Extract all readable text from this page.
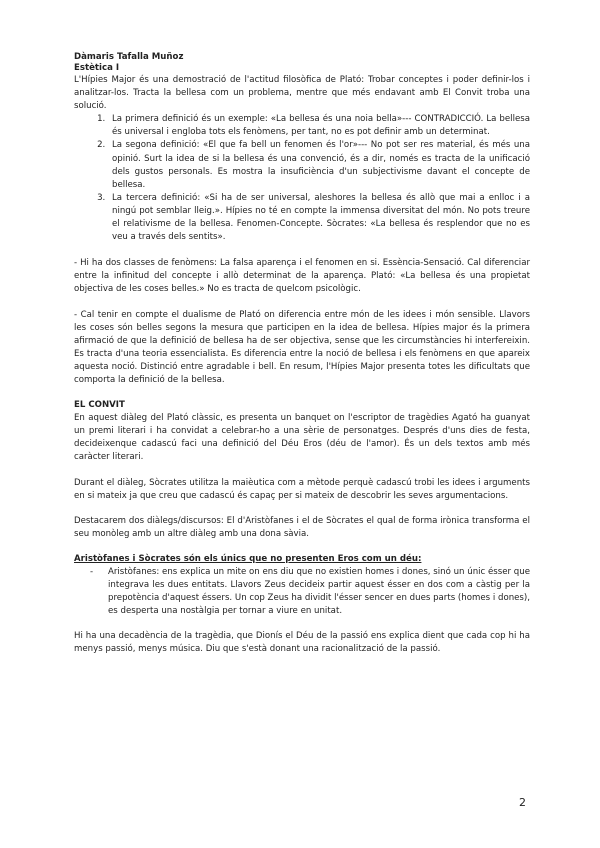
Dàmaris Tafalla Muñoz
Estètica I

L'Hípies Major és una demostració de l'actitud filosòfica de Plató: Trobar conceptes i poder definir-los i analitzar-los. Tracta la bellesa com un problema, mentre que més endavant amb El Convit troba una solució.

1. La primera definició és un exemple: «La bellesa és una noia bella»--- CONTRADICCIÓ. La bellesa és universal i engloba tots els fenòmens, per tant, no es pot definir amb un determinat.
2. La segona definició: «El que fa bell un fenomen és l'or»--- No pot ser res material, és més una opinió. Surt la idea de si la bellesa és una convenció, és a dir, només es tracta de la unificació dels gustos personals. Es mostra la insuficiència d'un subjectivisme davant el concepte de bellesa.
3. La tercera definició: «Si ha de ser universal, aleshores la bellesa és allò que mai a enlloc i a ningú pot semblar lleig.». Hípies no té en compte la immensa diversitat del món. No pots treure el relativisme de la bellesa. Fenomen-Concepte. Sòcrates: «La bellesa és resplendor que no es veu a través dels sentits».

- Hi ha dos classes de fenòmens: La falsa aparença i el fenomen en si. Essència-Sensació. Cal diferenciar entre la infinitud del concepte i allò determinat de la aparença. Plató: «La bellesa és una propietat objectiva de les coses belles.» No es tracta de quelcom psicològic.

- Cal tenir en compte el dualisme de Plató on diferencia entre món de les idees i món sensible. Llavors les coses són belles segons la mesura que participen en la idea de bellesa. Hípies major és la primera afirmació de que la definició de bellesa ha de ser objectiva, sense que les circumstàncies hi interfereixin. Es tracta d'una teoria essencialista. Es diferencia entre la noció de bellesa i els fenòmens en que apareix aquesta noció. Distinció entre agradable i bell. En resum, l'Hípies Major presenta totes les dificultats que comporta la definició de la bellesa.

EL CONVIT

En aquest diàleg del Plató clàssic, es presenta un banquet on l'escriptor de tragèdies Agató ha guanyat un premi literari i ha convidat a celebrar-ho a una sèrie de personatges. Després d'uns dies de festa, decideixenque cadascú faci una definició del Déu Eros (déu de l'amor). És un dels textos amb més caràcter literari.

Durant el diàleg, Sòcrates utilitza la maièutica com a mètode perquè cadascú trobi les idees i arguments en si mateix ja que creu que cadascú és capaç per si mateix de descobrir les seves argumentacions.

Destacarem dos diàlegs/discursos: El d'Aristòfanes i el de Sòcrates el qual de forma irònica transforma el seu monòleg amb un altre diàleg amb una dona sàvia.

Aristòfanes i Sòcrates són els únics que no presenten Eros com un déu:

- Aristòfanes: ens explica un mite on ens diu que no existien homes i dones, sinó un únic ésser que integrava les dues entitats. Llavors Zeus decideix partir aquest ésser en dos com a càstig per la prepotència d'aquest éssers. Un cop Zeus ha dividit l'ésser sencer en dues parts (homes i dones), es desperta una nostàlgia per tornar a viure en unitat.

Hi ha una decadència de la tragèdia, que Dionís el Déu de la passió ens explica dient que cada cop hi ha menys passió, menys música. Diu que s'està donant una racionalització de la passió.

2
